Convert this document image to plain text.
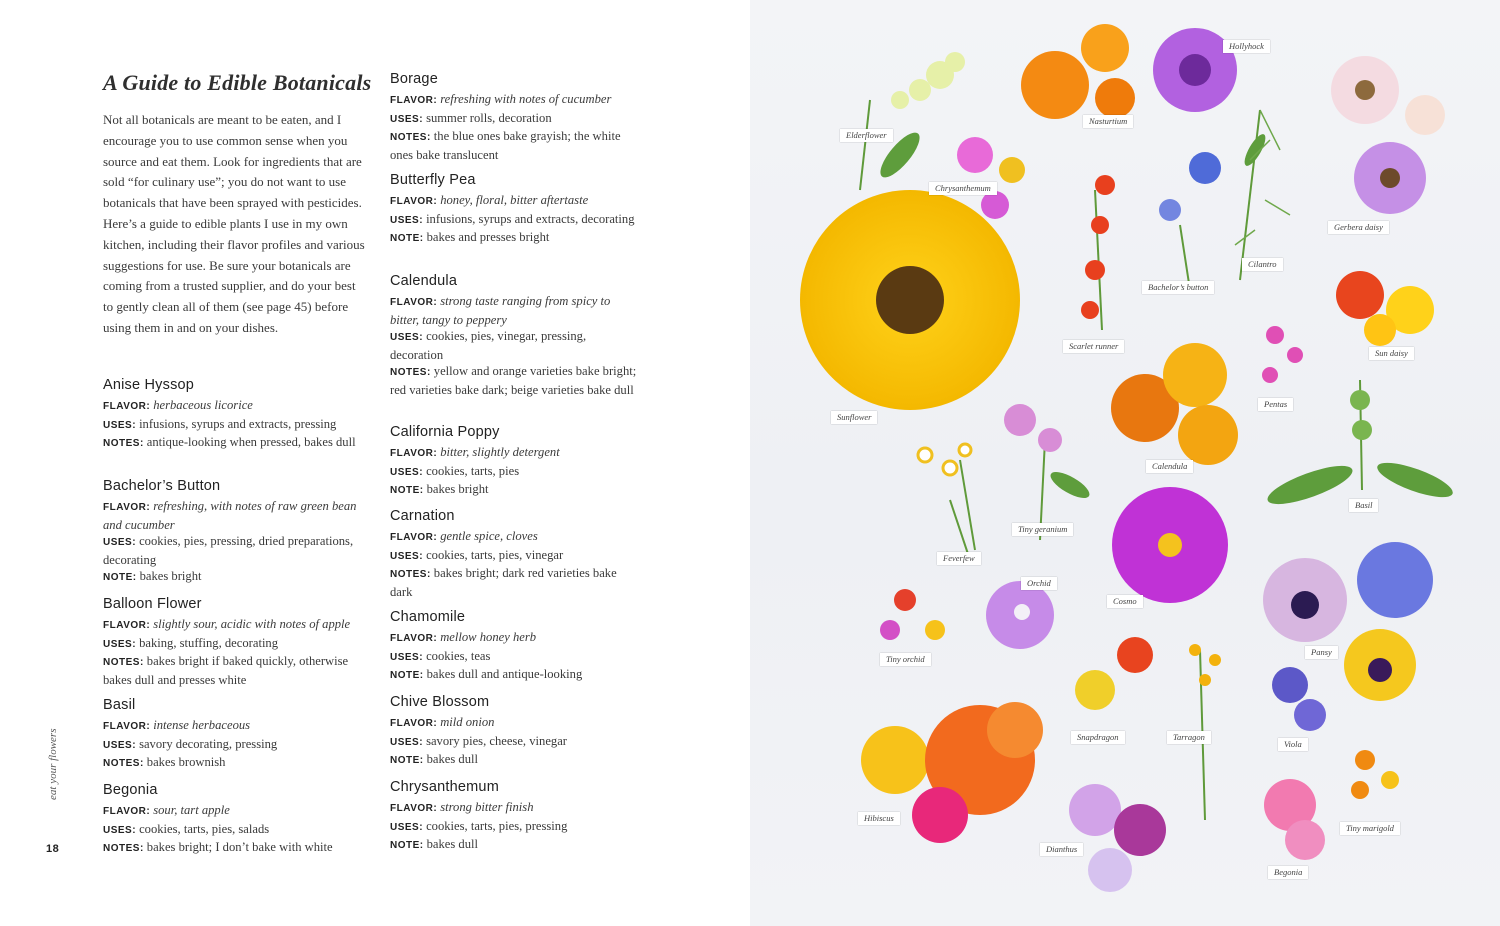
A Guide to Edible Botanicals

Not all botanicals are meant to be eaten, and I encourage you to use common sense when you source and eat them. Look for ingredients that are sold “for culinary use”; you do not want to use botanicals that have been sprayed with pesticides. Here’s a guide to edible plants I use in my own kitchen, including their flavor profiles and various suggestions for use. Be sure your botanicals are coming from a trusted supplier, and do your best to gently clean all of them (see page 45) before using them in and on your dishes.

Anise Hyssop

FLAVOR: herbaceous licorice

USES: infusions, syrups and extracts, pressing

NOTES: antique-looking when pressed, bakes dull

Bachelor’s Button

FLAVOR: refreshing, with notes of raw green bean and cucumber

USES: cookies, pies, pressing, dried preparations, decorating

NOTE: bakes bright

Balloon Flower

FLAVOR: slightly sour, acidic with notes of apple

USES: baking, stuffing, decorating

NOTES: bakes bright if baked quickly, otherwise bakes dull and presses white

Basil

FLAVOR: intense herbaceous

USES: savory decorating, pressing

NOTES: bakes brownish

Begonia

FLAVOR: sour, tart apple

USES: cookies, tarts, pies, salads

NOTES: bakes bright; I don’t bake with white

Borage

FLAVOR: refreshing with notes of cucumber

USES: summer rolls, decoration

NOTES: the blue ones bake grayish; the white ones bake translucent

Butterfly Pea

FLAVOR: honey, floral, bitter aftertaste

USES: infusions, syrups and extracts, decorating

NOTE: bakes and presses bright

Calendula

FLAVOR: strong taste ranging from spicy to bitter, tangy to peppery

USES: cookies, pies, vinegar, pressing, decoration

NOTES: yellow and orange varieties bake bright; red varieties bake dark; beige varieties bake dull

California Poppy

FLAVOR: bitter, slightly detergent

USES: cookies, tarts, pies

NOTE: bakes bright

Carnation

FLAVOR: gentle spice, cloves

USES: cookies, tarts, pies, vinegar

NOTES: bakes bright; dark red varieties bake dark

Chamomile

FLAVOR: mellow honey herb

USES: cookies, teas

NOTE: bakes dull and antique-looking

Chive Blossom

FLAVOR: mild onion

USES: savory pies, cheese, vinegar

NOTE: bakes dull

Chrysanthemum

FLAVOR: strong bitter finish

USES: cookies, tarts, pies, pressing

NOTE: bakes dull

eat your flowers
18
Hollyhock
Elderflower
Nasturtium
Chrysanthemum
Gerbera daisy
Cilantro
Bachelor’s button
Scarlet runner
Sun daisy
Sunflower
Pentas
Calendula
Basil
Tiny geranium
Feverfew
Orchid
Cosmo
Pansy
Tiny orchid
Snapdragon	Tarragon
Viola
Hibiscus
Dianthus
Tiny marigold
Begonia
